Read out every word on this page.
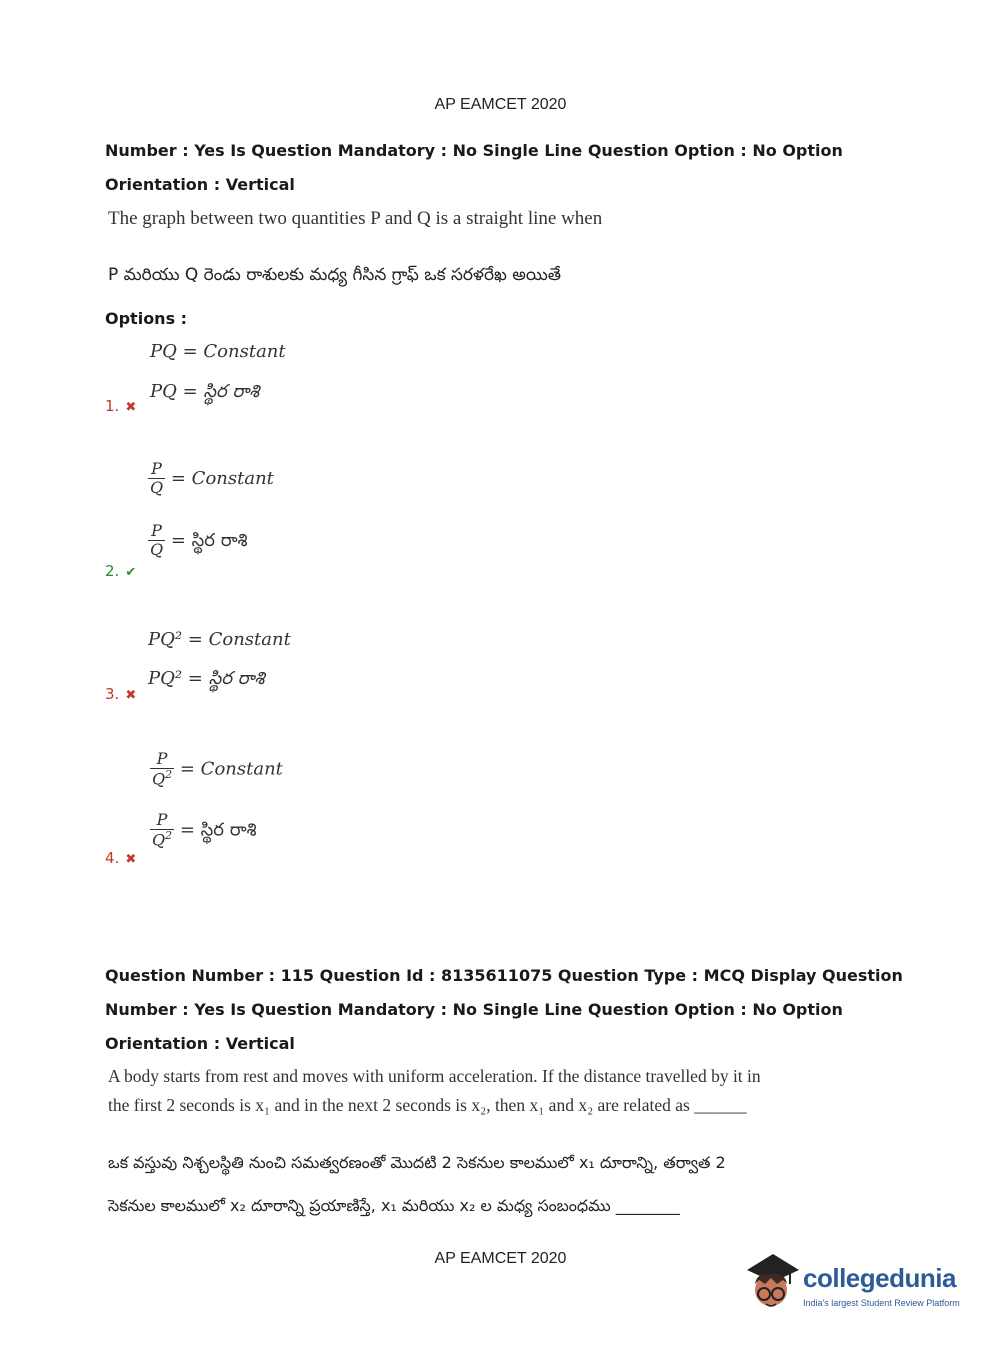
AP EAMCET 2020
Number : Yes Is Question Mandatory : No Single Line Question Option : No Option
Orientation : Vertical
The graph between two quantities P and Q is a straight line when
P మరియు Q రెండు రాశులకు మధ్య గీసిన గ్రాఫ్ ఒక సరళరేఖ అయితే
Options :
PQ = Constant
PQ = స్థిర రాశి
1. ✖
$\frac{P}{Q}$ = Constant
$\frac{P}{Q}$ = స్థిర రాశి
2. ✔
PQ² = Constant
PQ² = స్థిర రాశి
3. ✖
$\frac{P}{Q^2}$ = Constant
$\frac{P}{Q^2}$ = స్థిర రాశి
4. ✖
Question Number : 115 Question Id : 8135611075 Question Type : MCQ Display Question
Number : Yes Is Question Mandatory : No Single Line Question Option : No Option
Orientation : Vertical
A body starts from rest and moves with uniform acceleration. If the distance travelled by it in
the first 2 seconds is x₁ and in the next 2 seconds is x₂, then x₁ and x₂ are related as ______
ఒక వస్తువు నిశ్చలస్థితి నుంచి సమత్వరణంతో మొదటి 2 సెకనుల కాలములో x₁ దూరాన్ని, తర్వాత 2
సెకనుల కాలములో x₂ దూరాన్ని ప్రయాణిస్తే, x₁ మరియు x₂ ల మధ్య సంబంధము ________
AP EAMCET 2020
collegedunia
India's largest Student Review Platform
